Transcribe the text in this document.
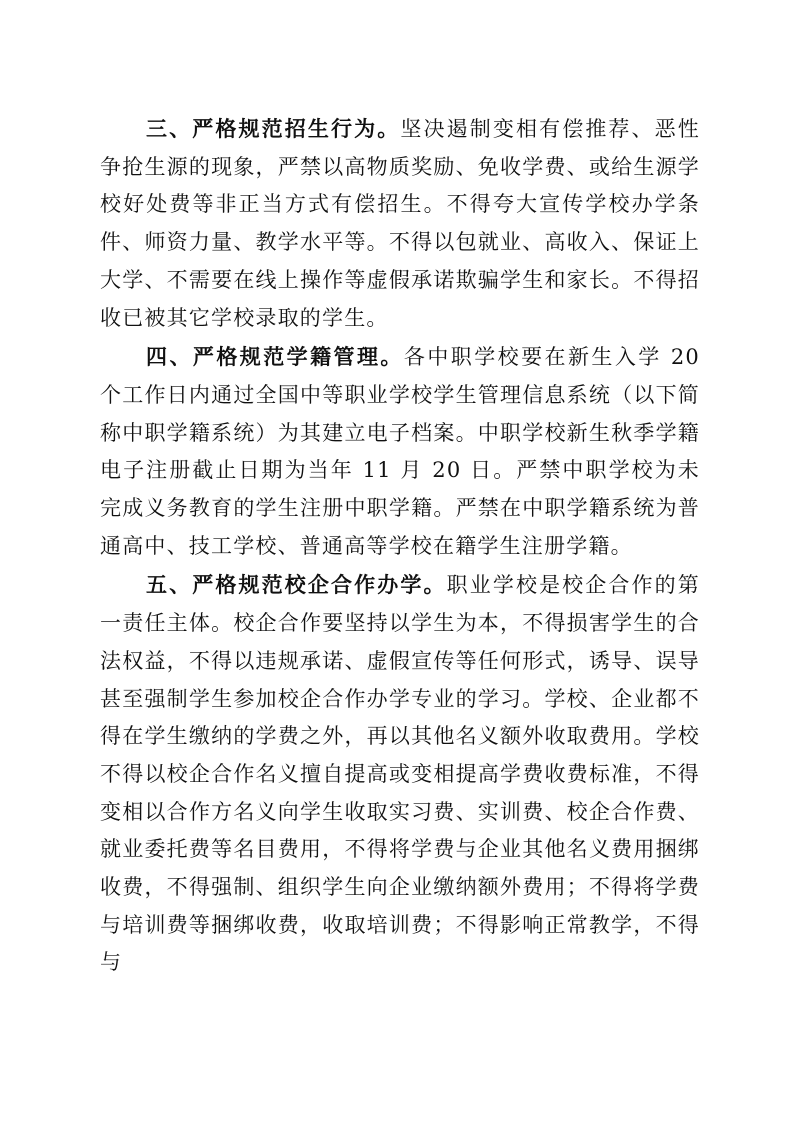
三、严格规范招生行为。坚决遏制变相有偿推荐、恶性争抢生源的现象，严禁以高物质奖励、免收学费、或给生源学校好处费等非正当方式有偿招生。不得夸大宣传学校办学条件、师资力量、教学水平等。不得以包就业、高收入、保证上大学、不需要在线上操作等虚假承诺欺骗学生和家长。不得招收已被其它学校录取的学生。

四、严格规范学籍管理。各中职学校要在新生入学 20 个工作日内通过全国中等职业学校学生管理信息系统（以下简称中职学籍系统）为其建立电子档案。中职学校新生秋季学籍电子注册截止日期为当年 11 月 20 日。严禁中职学校为未完成义务教育的学生注册中职学籍。严禁在中职学籍系统为普通高中、技工学校、普通高等学校在籍学生注册学籍。

五、严格规范校企合作办学。职业学校是校企合作的第一责任主体。校企合作要坚持以学生为本，不得损害学生的合法权益，不得以违规承诺、虚假宣传等任何形式，诱导、误导甚至强制学生参加校企合作办学专业的学习。学校、企业都不得在学生缴纳的学费之外，再以其他名义额外收取费用。学校不得以校企合作名义擅自提高或变相提高学费收费标准，不得变相以合作方名义向学生收取实习费、实训费、校企合作费、就业委托费等名目费用，不得将学费与企业其他名义费用捆绑收费，不得强制、组织学生向企业缴纳额外费用；不得将学费与培训费等捆绑收费，收取培训费；不得影响正常教学，不得与
